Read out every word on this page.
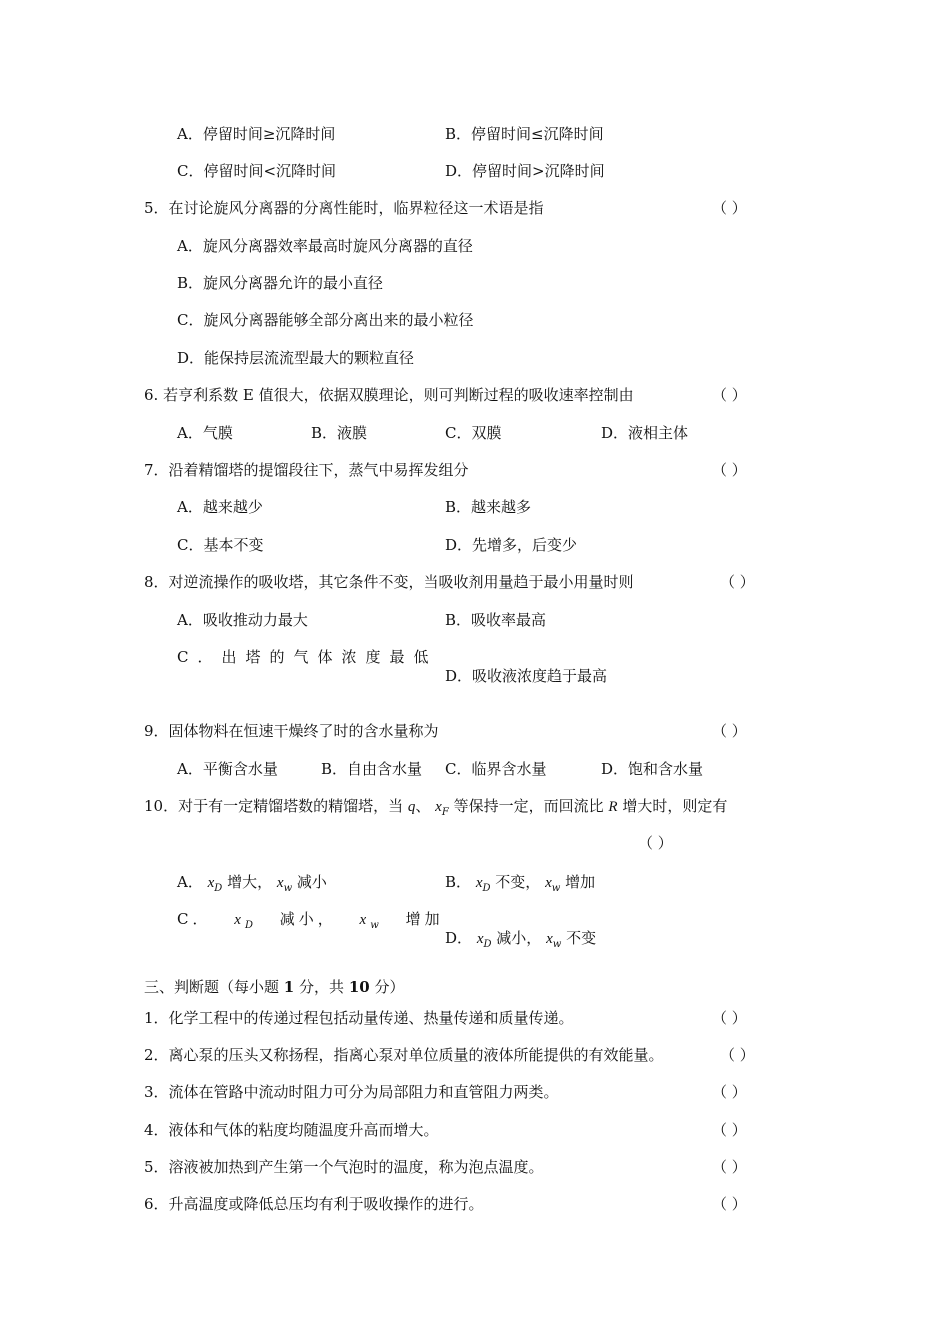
A．停留时间≥沉降时间	B．停留时间≤沉降时间
C．停留时间<沉降时间	D．停留时间>沉降时间
5．在讨论旋风分离器的分离性能时，临界粒径这一术语是指	（ ）
A．旋风分离器效率最高时旋风分离器的直径
B．旋风分离器允许的最小直径
C．旋风分离器能够全部分离出来的最小粒径
D．能保持层流流型最大的颗粒直径
6. 若亨利系数 E 值很大，依据双膜理论，则可判断过程的吸收速率控制由	（ ）
A．气膜	B．液膜	C．双膜	D．液相主体
7．沿着精馏塔的提馏段往下，蒸气中易挥发组分	（ ）
A．越来越少	B．越来越多
C．基本不变	D．先增多，后变少
8．对逆流操作的吸收塔，其它条件不变，当吸收剂用量趋于最小用量时则	（ ）
A．吸收推动力最大	B．吸收率最高
C．出塔的气体浓度最低
D．吸收液浓度趋于最高
9．固体物料在恒速干燥终了时的含水量称为	（ ）
A．平衡含水量	B．自由含水量 C．临界含水量	D．饱和含水量
10．对于有一定精馏塔数的精馏塔，当 q、 $x_F$ 等保持一定，而回流比 R 增大时，则定有
（ ）
A． $x_D$ 增大， $x_w$ 减小	B． $x_D$ 不变， $x_w$ 增加
C． $x_D$ 减小， $x_w$ 增加
D． $x_D$ 减小， $x_w$ 不变
三、判断题（每小题 1 分，共 10 分）
1．化学工程中的传递过程包括动量传递、热量传递和质量传递。	（ ）
2．离心泵的压头又称扬程，指离心泵对单位质量的液体所能提供的有效能量。	（ ）
3．流体在管路中流动时阻力可分为局部阻力和直管阻力两类。	（ ）
4．液体和气体的粘度均随温度升高而增大。	（ ）
5．溶液被加热到产生第一个气泡时的温度，称为泡点温度。	（ ）
6．升高温度或降低总压均有利于吸收操作的进行。	（ ）
